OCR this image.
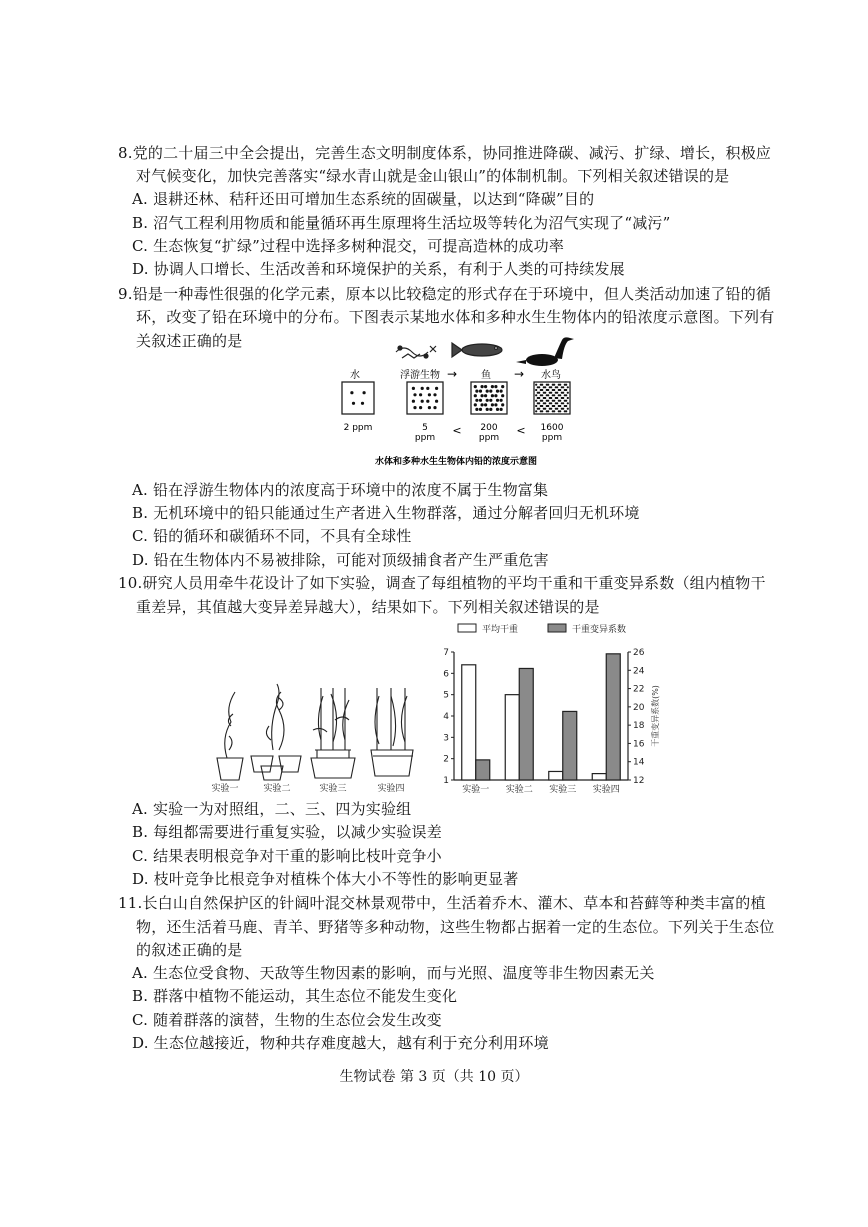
8.党的二十届三中全会提出，完善生态文明制度体系，协同推进降碳、减污、扩绿、增长，积极应
对气候变化，加快完善落实“绿水青山就是金山银山”的体制机制。下列相关叙述错误的是
A. 退耕还林、秸秆还田可增加生态系统的固碳量，以达到“降碳”目的
B. 沼气工程利用物质和能量循环再生原理将生活垃圾等转化为沼气实现了“减污”
C. 生态恢复“扩绿”过程中选择多树种混交，可提高造林的成功率
D. 协调人口增长、生活改善和环境保护的关系，有利于人类的可持续发展
9.铅是一种毒性很强的化学元素，原本以比较稳定的形式存在于环境中，但人类活动加速了铅的循
环，改变了铅在环境中的分布。下图表示某地水体和多种水生生物体内的铅浓度示意图。下列有
关叙述正确的是
水	浮游生物 → 鱼 → 水鸟
2 ppm	5 ppm
< 200 ppm
< 1600 ppm
水体和多种水生生物体内铅的浓度示意图
A. 铅在浮游生物体内的浓度高于环境中的浓度不属于生物富集
B. 无机环境中的铅只能通过生产者进入生物群落，通过分解者回归无机环境
C. 铅的循环和碳循环不同，不具有全球性
D. 铅在生物体内不易被排除，可能对顶级捕食者产生严重危害
10.研究人员用牵牛花设计了如下实验，调查了每组植物的平均干重和干重变异系数（组内植物干
重差异，其值越大变异差异越大），结果如下。下列相关叙述错误的是
实验一	实验二	实验三	实验四
平均干重	干重变异系数
1
2
3
4
5
6
7
12
14
16
18
20
22
24
26
干重变异系数(%)
实验一 实验二 实验三 实验四
A. 实验一为对照组，二、三、四为实验组
B. 每组都需要进行重复实验，以减少实验误差
C. 结果表明根竞争对干重的影响比枝叶竞争小
D. 枝叶竞争比根竞争对植株个体大小不等性的影响更显著
11.长白山自然保护区的针阔叶混交林景观带中，生活着乔木、灌木、草本和苔藓等种类丰富的植
物，还生活着马鹿、青羊、野猪等多种动物，这些生物都占据着一定的生态位。下列关于生态位
的叙述正确的是
A. 生态位受食物、天敌等生物因素的影响，而与光照、温度等非生物因素无关
B. 群落中植物不能运动，其生态位不能发生变化
C. 随着群落的演替，生物的生态位会发生改变
D. 生态位越接近，物种共存难度越大，越有利于充分利用环境
生物试卷 第 3 页（共 10 页）
